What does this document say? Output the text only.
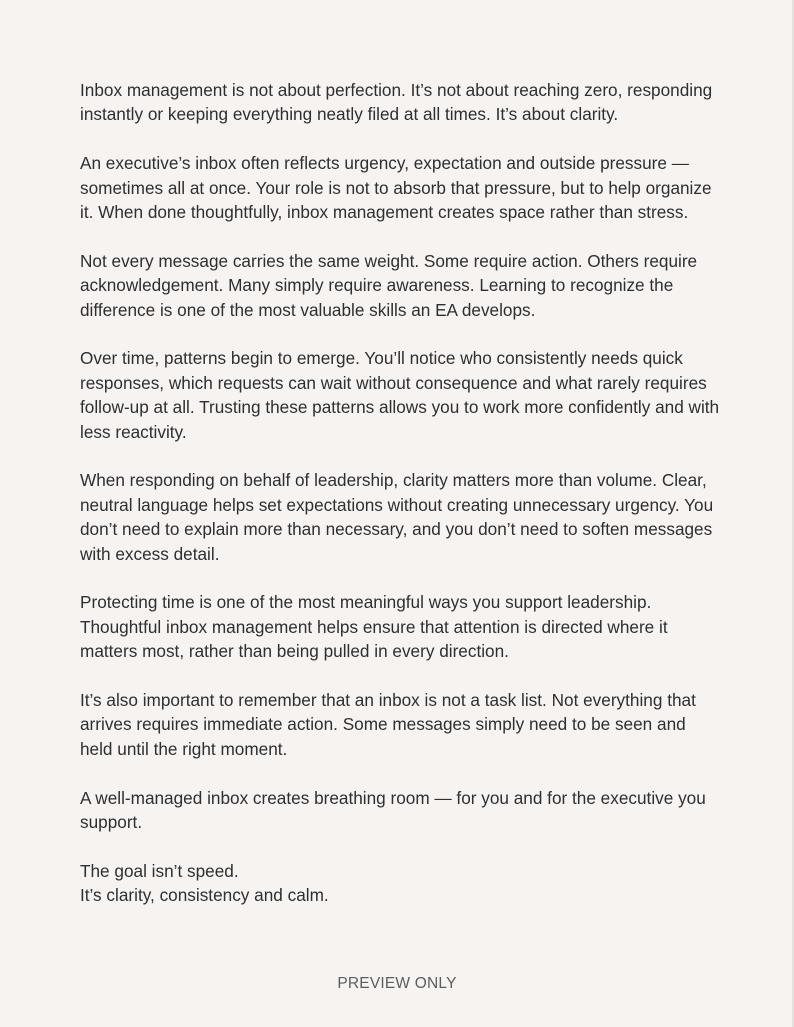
Inbox management is not about perfection. It’s not about reaching zero, responding instantly or keeping everything neatly filed at all times. It’s about clarity.

An executive’s inbox often reflects urgency, expectation and outside pressure — sometimes all at once. Your role is not to absorb that pressure, but to help organize it. When done thoughtfully, inbox management creates space rather than stress.

Not every message carries the same weight. Some require action. Others require acknowledgement. Many simply require awareness. Learning to recognize the difference is one of the most valuable skills an EA develops.

Over time, patterns begin to emerge. You’ll notice who consistently needs quick responses, which requests can wait without consequence and what rarely requires follow-up at all. Trusting these patterns allows you to work more confidently and with less reactivity.

When responding on behalf of leadership, clarity matters more than volume. Clear, neutral language helps set expectations without creating unnecessary urgency. You don’t need to explain more than necessary, and you don’t need to soften messages with excess detail.

Protecting time is one of the most meaningful ways you support leadership. Thoughtful inbox management helps ensure that attention is directed where it matters most, rather than being pulled in every direction.

It’s also important to remember that an inbox is not a task list. Not everything that arrives requires immediate action. Some messages simply need to be seen and held until the right moment.

A well-managed inbox creates breathing room — for you and for the executive you support.

The goal isn’t speed.
It’s clarity, consistency and calm.

PREVIEW ONLY
